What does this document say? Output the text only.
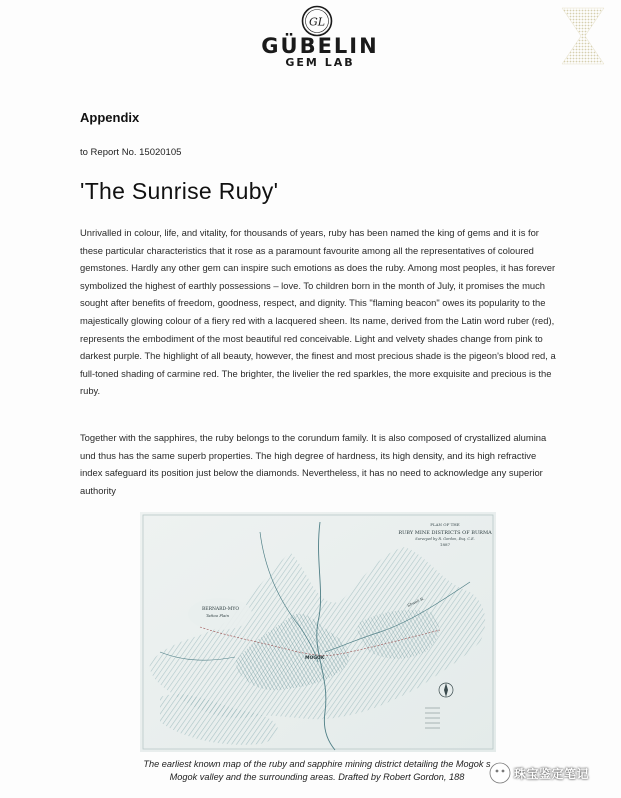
GL
GÜBELIN
GEM LAB
Appendix
to Report No. 15020105
'The Sunrise Ruby'

Unrivalled in colour, life, and vitality, for thousands of years, ruby has been named the king of gems and it is for these particular characteristics that it rose as a paramount favourite among all the representatives of coloured gemstones. Hardly any other gem can inspire such emotions as does the ruby. Among most peoples, it has forever symbolized the highest of earthly possessions – love. To children born in the month of July, it promises the much sought after benefits of freedom, goodness, respect, and dignity. This "flaming beacon" owes its popularity to the majestically glowing colour of a fiery red with a lacquered sheen. Its name, derived from the Latin word ruber (red), represents the embodiment of the most beautiful red conceivable. Light and velvety shades change from pink to darkest purple. The highlight of all beauty, however, the finest and most precious shade is the pigeon's blood red, a full-toned shading of carmine red. The brighter, the livelier the red sparkles, the more exquisite and precious is the ruby.

Together with the sapphires, the ruby belongs to the corundum family. It is also composed of crystallized alumina und thus has the same superb properties. The high degree of hardness, its high density, and its high refractive index safeguard its position just below the diamonds. Nevertheless, it has no need to acknowledge any superior authority

PLAN OF THE
RUBY MINE DISTRICTS OF BURMA
Surveyed by R. Gordon, Esq. C.E.
1887
BERNARD-MYO
Tattoo Plain
MOGOK
Shweli R.

The earliest known map of the ruby and sapphire mining district detailing the Mogok s
Mogok valley and the surrounding areas. Drafted by Robert Gordon, 188	珠宝鉴定笔记
